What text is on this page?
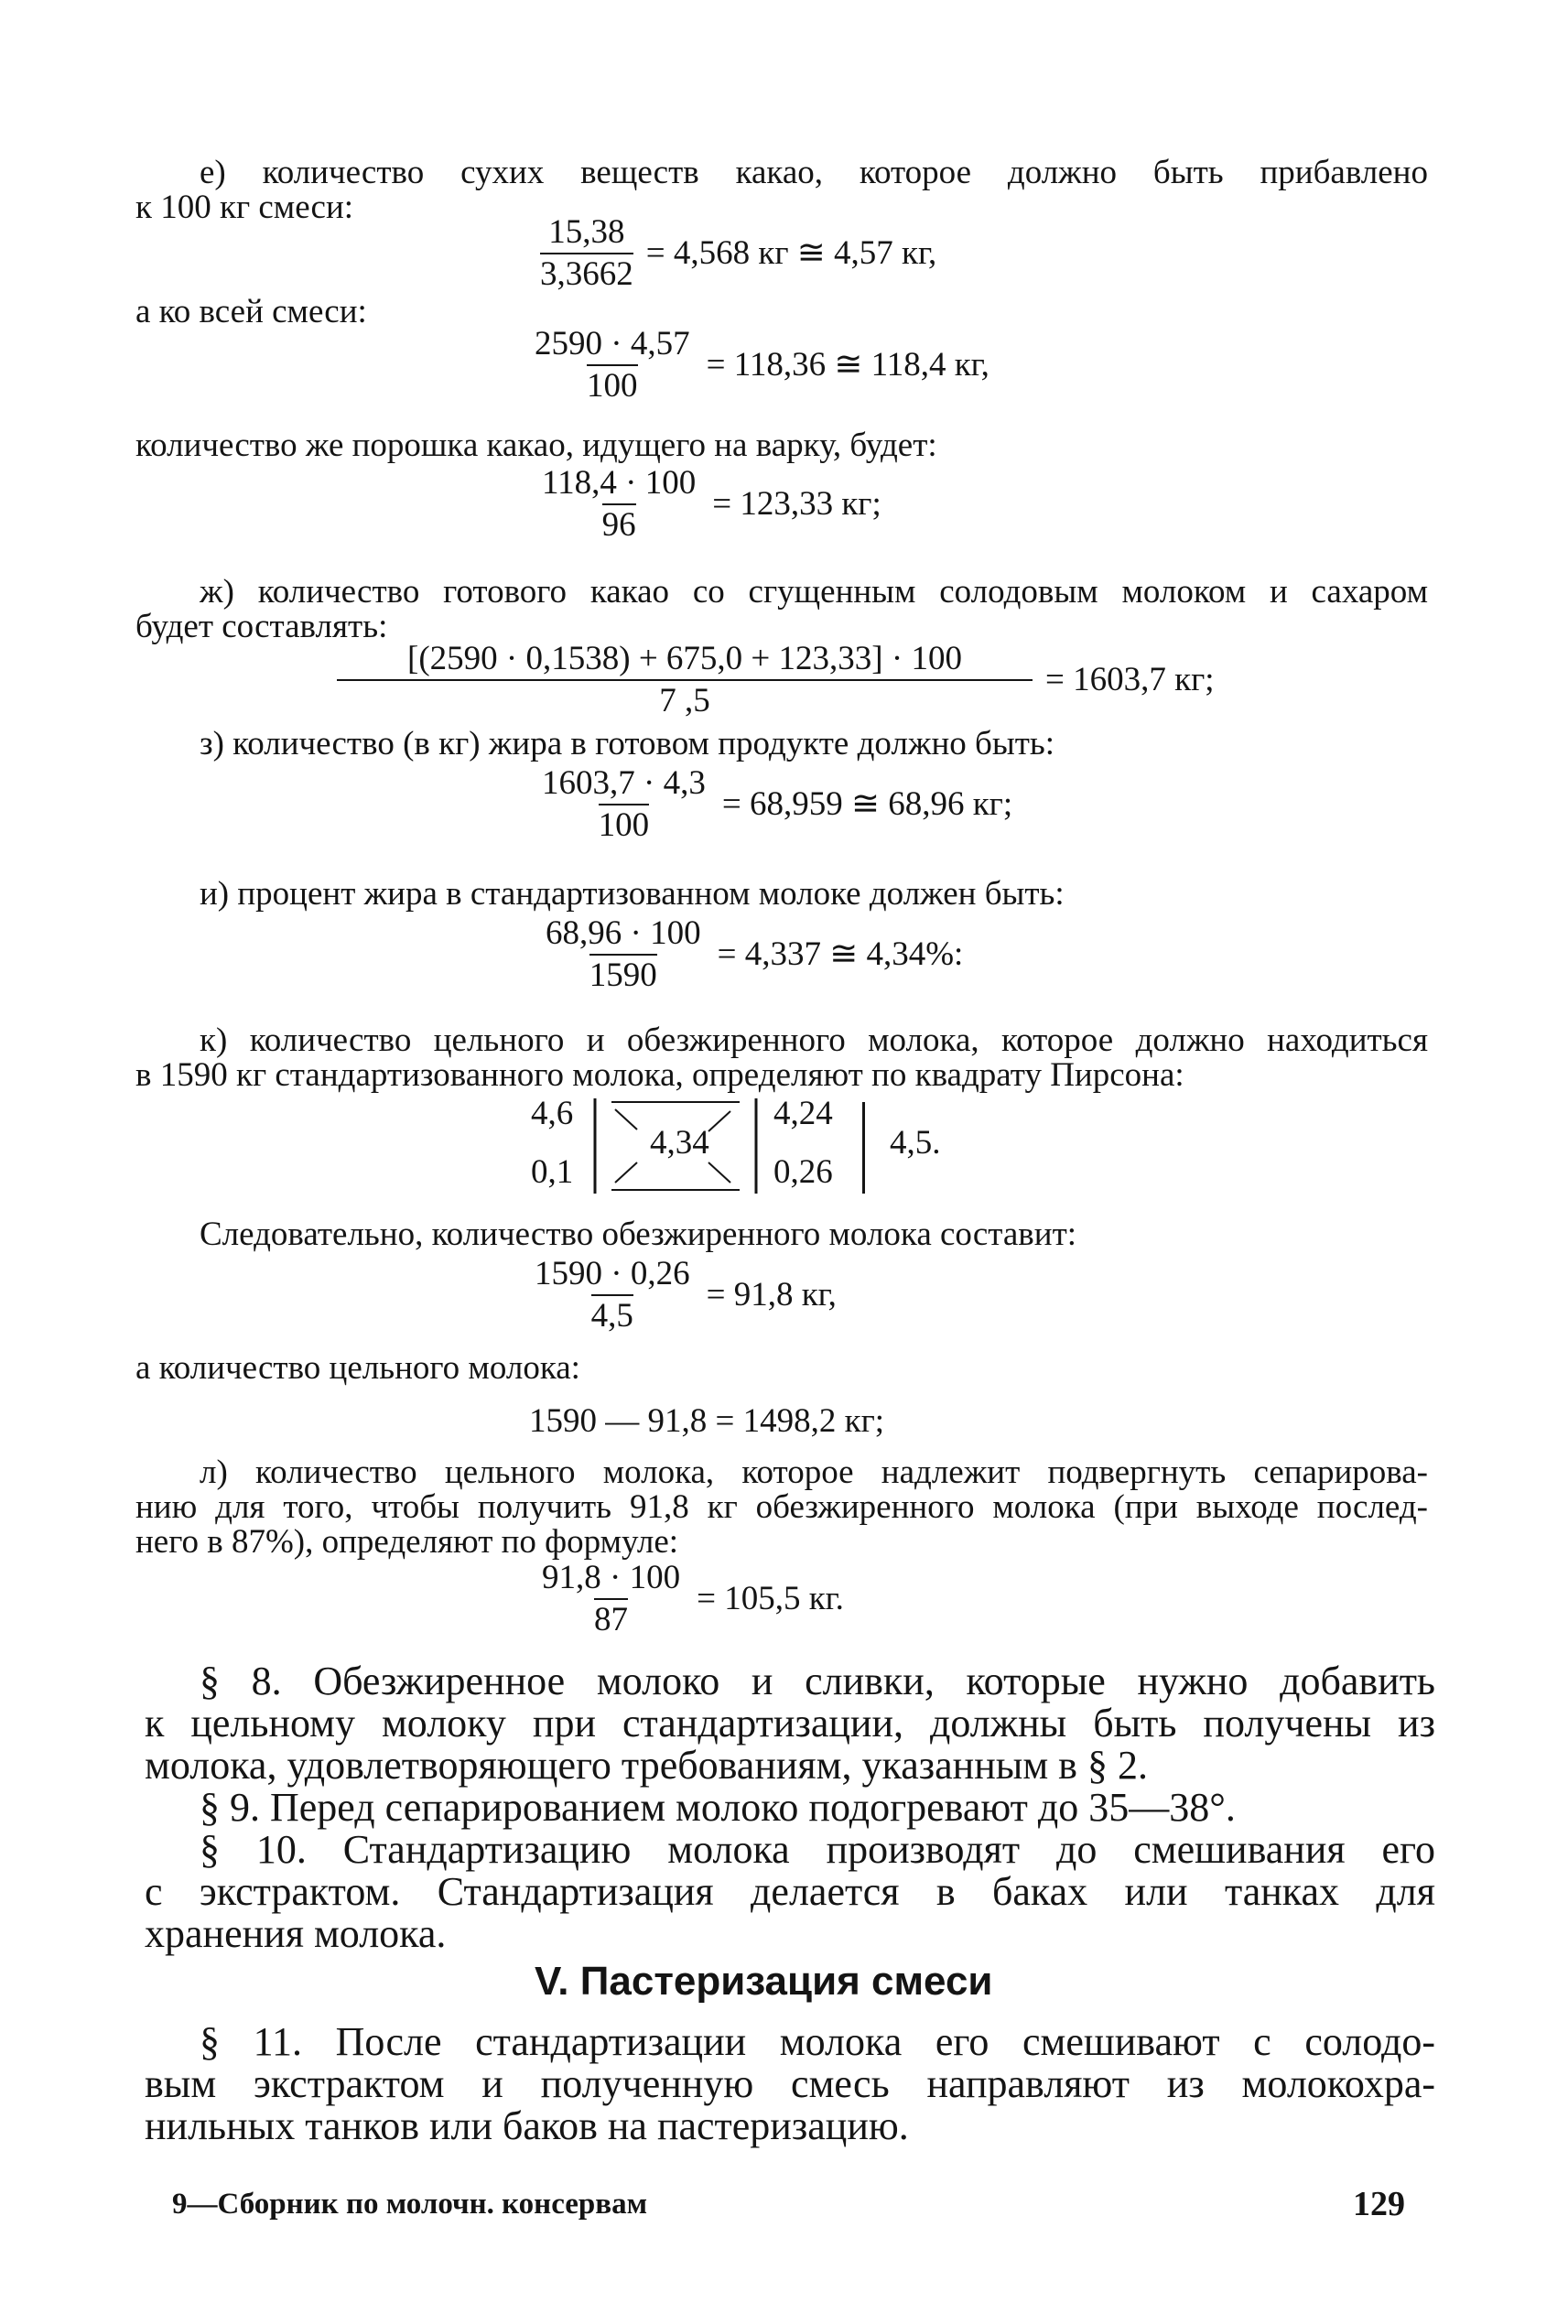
е) количество сухих веществ какао, которое должно быть прибавлено
к 100 кг смеси:
$\frac{15,38}{3,3662} = 4,568$ кг ≅ 4,57 кг,
а ко всей смеси:
$\frac{2590 \cdot 4,57}{100} = 118,36$ ≅ 118,4 кг,
количество же порошка какао, идущего на варку, будет:
$\frac{118,4 \cdot 100}{96} = 123,33$ кг;
ж) количество готового какао со сгущенным солодовым молоком и сахаром
будет составлять:
$\frac{[(2590 \cdot 0,1538) + 675,0 + 123,33] \cdot 100}{7 ,5} = 1603,7$ кг;
з) количество (в кг) жира в готовом продукте должно быть:
$\frac{1603,7 \cdot 4,3}{100} = 68,959$ ≅ 68,96 кг;
и) процент жира в стандартизованном молоке должен быть:
$\frac{68,96 \cdot 100}{1590} = 4,337$ ≅ 4,34%:
к) количество цельного и обезжиренного молока, которое должно находиться
в 1590 кг стандартизованного молока, определяют по квадрату Пирсона:
4,6
0,1
4,34
4,24
0,26
4,5.
Следовательно, количество обезжиренного молока составит:
$\frac{1590 \cdot 0,26}{4,5} = 91,8$ кг,
а количество цельного молока:
1590 — 91,8 = 1498,2 кг;
л) количество цельного молока, которое надлежит подвергнуть сепарирова-
нию для того, чтобы получить 91,8 кг обезжиренного молока (при выходе послед-
него в 87%), определяют по формуле:
$\frac{91,8 \cdot 100}{87} = 105,5$ кг.
§ 8. Обезжиренное молоко и сливки, которые нужно добавить
к цельному молоку при стандартизации, должны быть получены из
молока, удовлетворяющего требованиям, указанным в § 2.
§ 9. Перед сепарированием молоко подогревают до 35—38°.
§ 10. Стандартизацию молока производят до смешивания его
с экстрактом. Стандартизация делается в баках или танках для
хранения молока.
V. Пастеризация смеси
§ 11. После стандартизации молока его смешивают с солодо-
вым экстрактом и полученную смесь направляют из молокохра-
нильных танков или баков на пастеризацию.
9—Сборник по молочн. консервам	129
